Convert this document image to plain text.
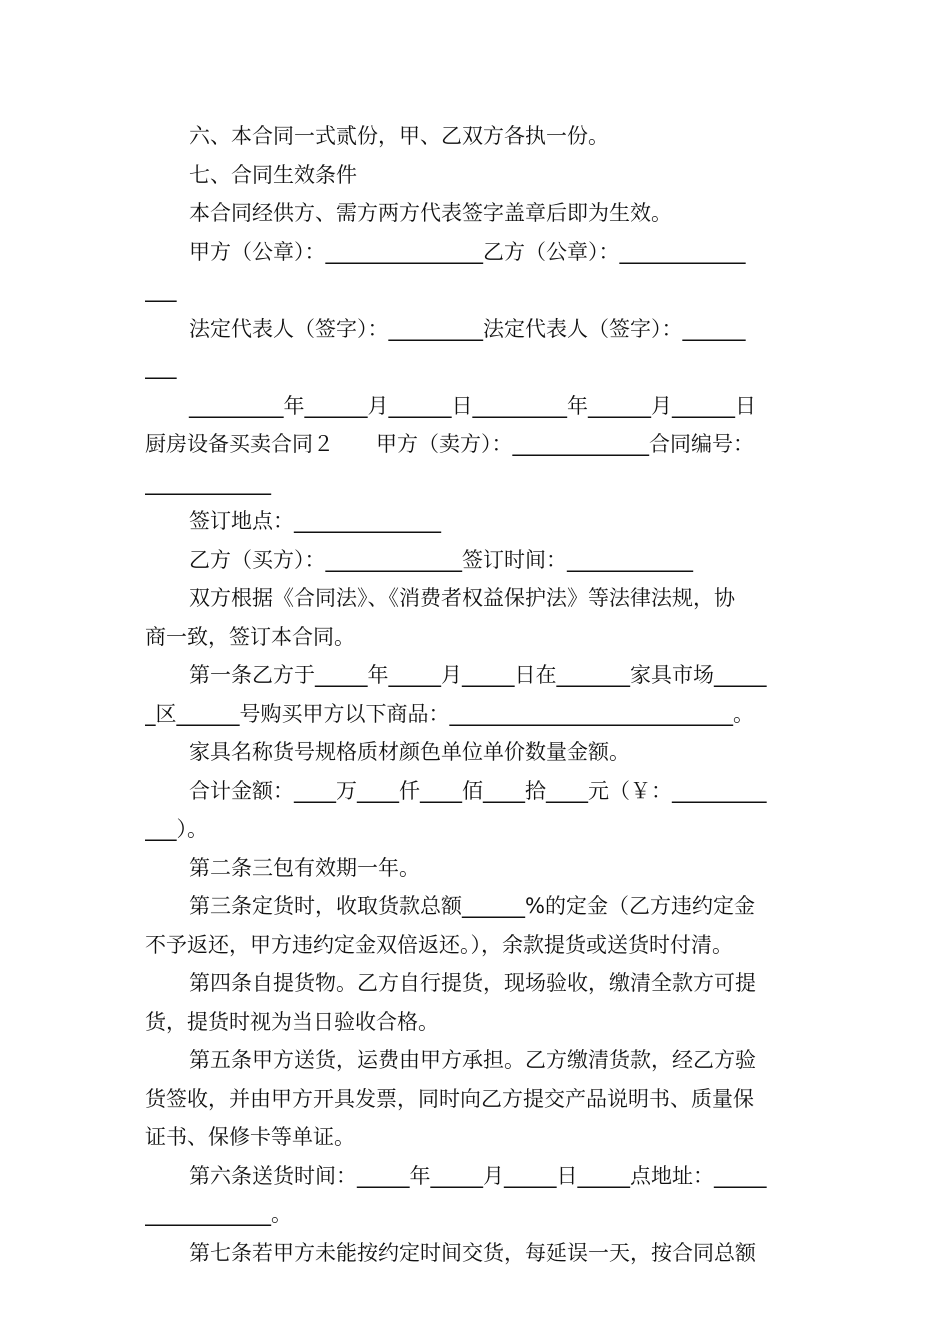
六、本合同一式贰份，甲、乙双方各执一份。
七、合同生效条件
本合同经供方、需方两方代表签字盖章后即为生效。
甲方（公章）：_______________乙方（公章）：____________
___
法定代表人（签字）：_________法定代表人（签字）：______
___
_________年______月______日_________年______月______日
厨房设备买卖合同２　　甲方（卖方）：_____________合同编号：
____________
签订地点：______________
乙方（买方）：_____________签订时间：____________
双方根据《合同法》、《消费者权益保护法》等法律法规，协
商一致，签订本合同。
第一条乙方于_____年_____月_____日在_______家具市场_____
_区______号购买甲方以下商品：___________________________。
家具名称货号规格质材颜色单位单价数量金额。
合计金额：____万____仟____佰____拾____元（￥：_________
___）。
第二条三包有效期一年。
第三条定货时，收取货款总额______%的定金（乙方违约定金
不予返还，甲方违约定金双倍返还。），余款提货或送货时付清。
第四条自提货物。乙方自行提货，现场验收，缴清全款方可提
货，提货时视为当日验收合格。
第五条甲方送货，运费由甲方承担。乙方缴清货款，经乙方验
货签收，并由甲方开具发票，同时向乙方提交产品说明书、质量保
证书、保修卡等单证。
第六条送货时间：_____年_____月_____日_____点地址：_____
____________。
第七条若甲方未能按约定时间交货，每延误一天，按合同总额
